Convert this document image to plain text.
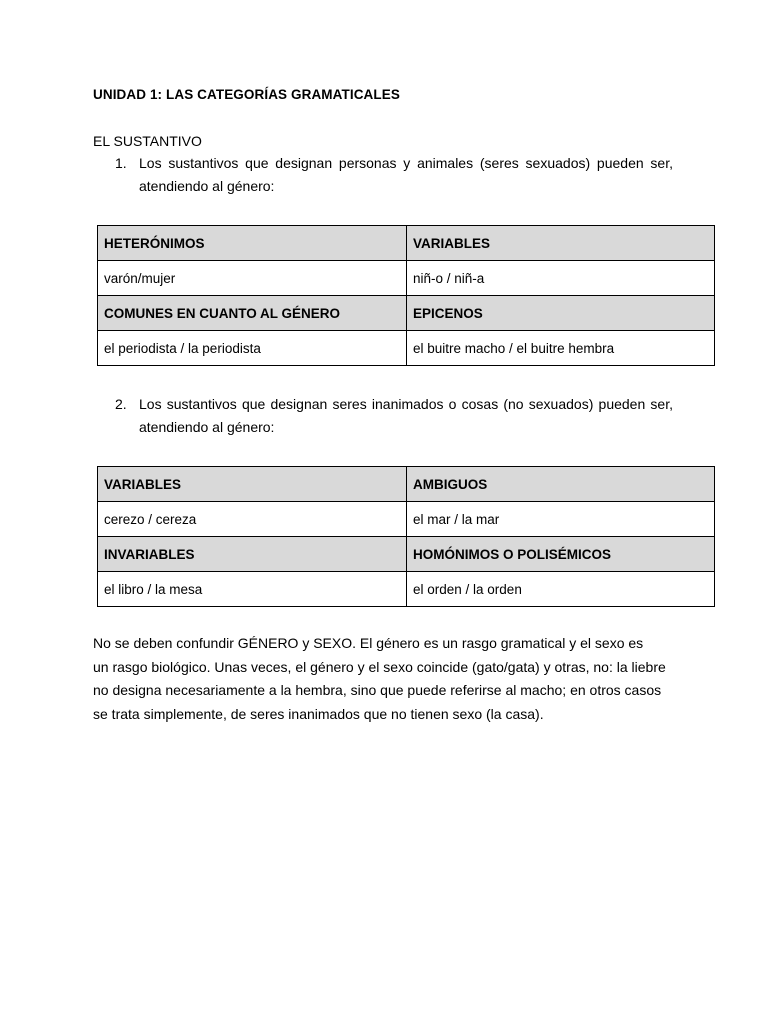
UNIDAD 1: LAS CATEGORÍAS GRAMATICALES
EL SUSTANTIVO
1. Los sustantivos que designan personas y animales (seres sexuados) pueden ser, atendiendo al género:
HETERÓNIMOS	VARIABLES
varón/mujer	niñ-o / niñ-a
COMUNES EN CUANTO AL GÉNERO	EPICENOS
el periodista / la periodista	el buitre macho / el buitre hembra
2. Los sustantivos que designan seres inanimados o cosas (no sexuados) pueden ser, atendiendo al género:
VARIABLES	AMBIGUOS
cerezo / cereza	el mar / la mar
INVARIABLES	HOMÓNIMOS O POLISÉMICOS
el libro / la mesa	el orden / la orden
No se deben confundir GÉNERO y SEXO. El género es un rasgo gramatical y el sexo es
un rasgo biológico. Unas veces, el género y el sexo coincide (gato/gata) y otras, no: la liebre
no designa necesariamente a la hembra, sino que puede referirse al macho; en otros casos
se trata simplemente, de seres inanimados que no tienen sexo (la casa).
